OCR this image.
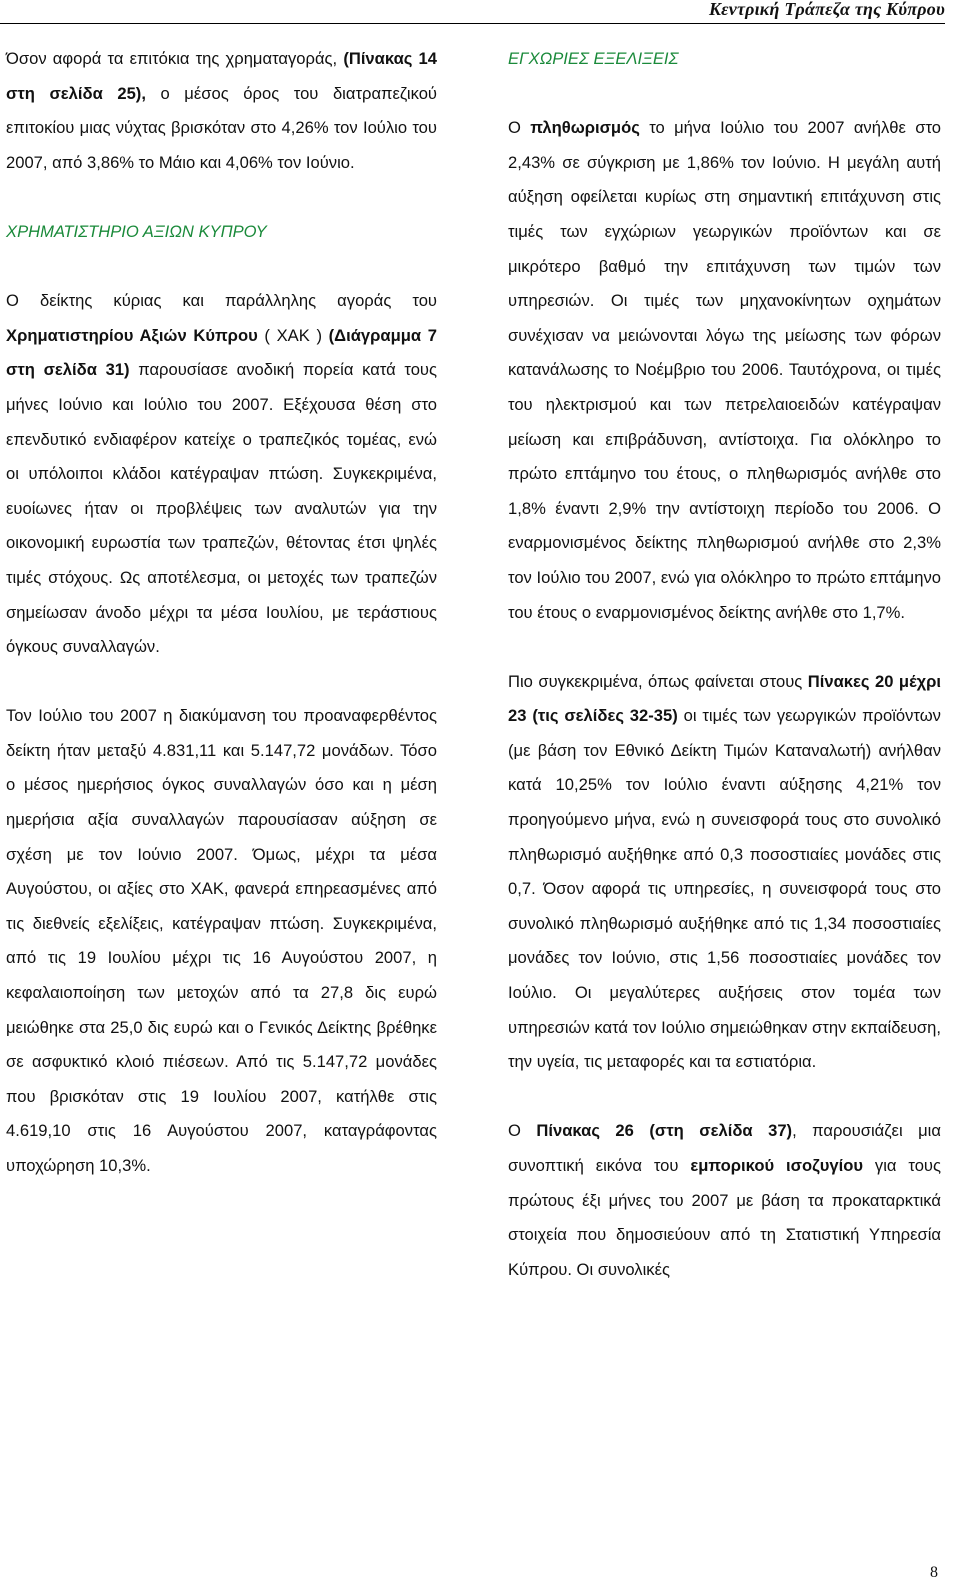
Κεντρική Τράπεζα της Κύπρου

Όσον αφορά τα επιτόκια της χρηματαγοράς, (Πίνακας 14 στη σελίδα 25), ο μέσος όρος του διατραπεζικού επιτοκίου μιας νύχτας βρισκόταν στο 4,26% τον Ιούλιο του 2007, από 3,86% το Μάιο και 4,06% τον Ιούνιο.

ΧΡΗΜΑΤΙΣΤΗΡΙΟ ΑΞΙΩΝ ΚΥΠΡΟΥ

Ο δείκτης κύριας και παράλληλης αγοράς του Χρηματιστηρίου Αξιών Κύπρου ( ΧΑΚ ) (Διάγραμμα 7 στη σελίδα 31) παρουσίασε ανοδική πορεία κατά τους μήνες Ιούνιο και Ιούλιο του 2007. Εξέχουσα θέση στο επενδυτικό ενδιαφέρον κατείχε ο τραπεζικός τομέας, ενώ οι υπόλοιποι κλάδοι κατέγραψαν πτώση. Συγκεκριμένα, ευοίωνες ήταν οι προβλέψεις των αναλυτών για την οικονομική ευρωστία των τραπεζών, θέτοντας έτσι ψηλές τιμές στόχους. Ως αποτέλεσμα, οι μετοχές των τραπεζών σημείωσαν άνοδο μέχρι τα μέσα Ιουλίου, με τεράστιους όγκους συναλλαγών.

Τον Ιούλιο του 2007 η διακύμανση του προαναφερθέντος δείκτη ήταν μεταξύ 4.831,11 και 5.147,72 μονάδων. Τόσο ο μέσος ημερήσιος όγκος συναλλαγών όσο και η μέση ημερήσια αξία συναλλαγών παρουσίασαν αύξηση σε σχέση με τον Ιούνιο 2007. Όμως, μέχρι τα μέσα Αυγούστου, οι αξίες στο ΧΑΚ, φανερά επηρεασμένες από τις διεθνείς εξελίξεις, κατέγραψαν πτώση. Συγκεκριμένα, από τις 19 Ιουλίου μέχρι τις 16 Αυγούστου 2007, η κεφαλαιοποίηση των μετοχών από τα 27,8 δις ευρώ μειώθηκε στα 25,0 δις ευρώ και ο Γενικός Δείκτης βρέθηκε σε ασφυκτικό κλοιό πιέσεων. Από τις 5.147,72 μονάδες που βρισκόταν στις 19 Ιουλίου 2007, κατήλθε στις 4.619,10 στις 16 Αυγούστου 2007, καταγράφοντας υποχώρηση 10,3%.

ΕΓΧΩΡΙΕΣ ΕΞΕΛΙΞΕΙΣ

Ο πληθωρισμός το μήνα Ιούλιο του 2007 ανήλθε στο 2,43% σε σύγκριση με 1,86% τον Ιούνιο. Η μεγάλη αυτή αύξηση οφείλεται κυρίως στη σημαντική επιτάχυνση στις τιμές των εγχώριων γεωργικών προϊόντων και σε μικρότερο βαθμό την επιτάχυνση των τιμών των υπηρεσιών. Οι τιμές των μηχανοκίνητων οχημάτων συνέχισαν να μειώνονται λόγω της μείωσης των φόρων κατανάλωσης το Νοέμβριο του 2006. Ταυτόχρονα, οι τιμές του ηλεκτρισμού και των πετρελαιοειδών κατέγραψαν μείωση και επιβράδυνση, αντίστοιχα. Για ολόκληρο το πρώτο επτάμηνο του έτους, ο πληθωρισμός ανήλθε στο 1,8% έναντι 2,9% την αντίστοιχη περίοδο του 2006. Ο εναρμονισμένος δείκτης πληθωρισμού ανήλθε στο 2,3% τον Ιούλιο του 2007, ενώ για ολόκληρο το πρώτο επτάμηνο του έτους ο εναρμονισμένος δείκτης ανήλθε στο 1,7%.

Πιο συγκεκριμένα, όπως φαίνεται στους Πίνακες 20 μέχρι 23 (τις σελίδες 32-35) οι τιμές των γεωργικών προϊόντων (με βάση τον Εθνικό Δείκτη Τιμών Καταναλωτή) ανήλθαν κατά 10,25% τον Ιούλιο έναντι αύξησης 4,21% τον προηγούμενο μήνα, ενώ η συνεισφορά τους στο συνολικό πληθωρισμό αυξήθηκε από 0,3 ποσοστιαίες μονάδες στις 0,7. Όσον αφορά τις υπηρεσίες, η συνεισφορά τους στο συνολικό πληθωρισμό αυξήθηκε από τις 1,34 ποσοστιαίες μονάδες τον Ιούνιο, στις 1,56 ποσοστιαίες μονάδες τον Ιούλιο. Οι μεγαλύτερες αυξήσεις στον τομέα των υπηρεσιών κατά τον Ιούλιο σημειώθηκαν στην εκπαίδευση, την υγεία, τις μεταφορές και τα εστιατόρια.

Ο Πίνακας 26 (στη σελίδα 37), παρουσιάζει μια συνοπτική εικόνα του εμπορικού ισοζυγίου για τους πρώτους έξι μήνες του 2007 με βάση τα προκαταρκτικά στοιχεία που δημοσιεύουν από τη Στατιστική Υπηρεσία Κύπρου. Οι συνολικές

8
